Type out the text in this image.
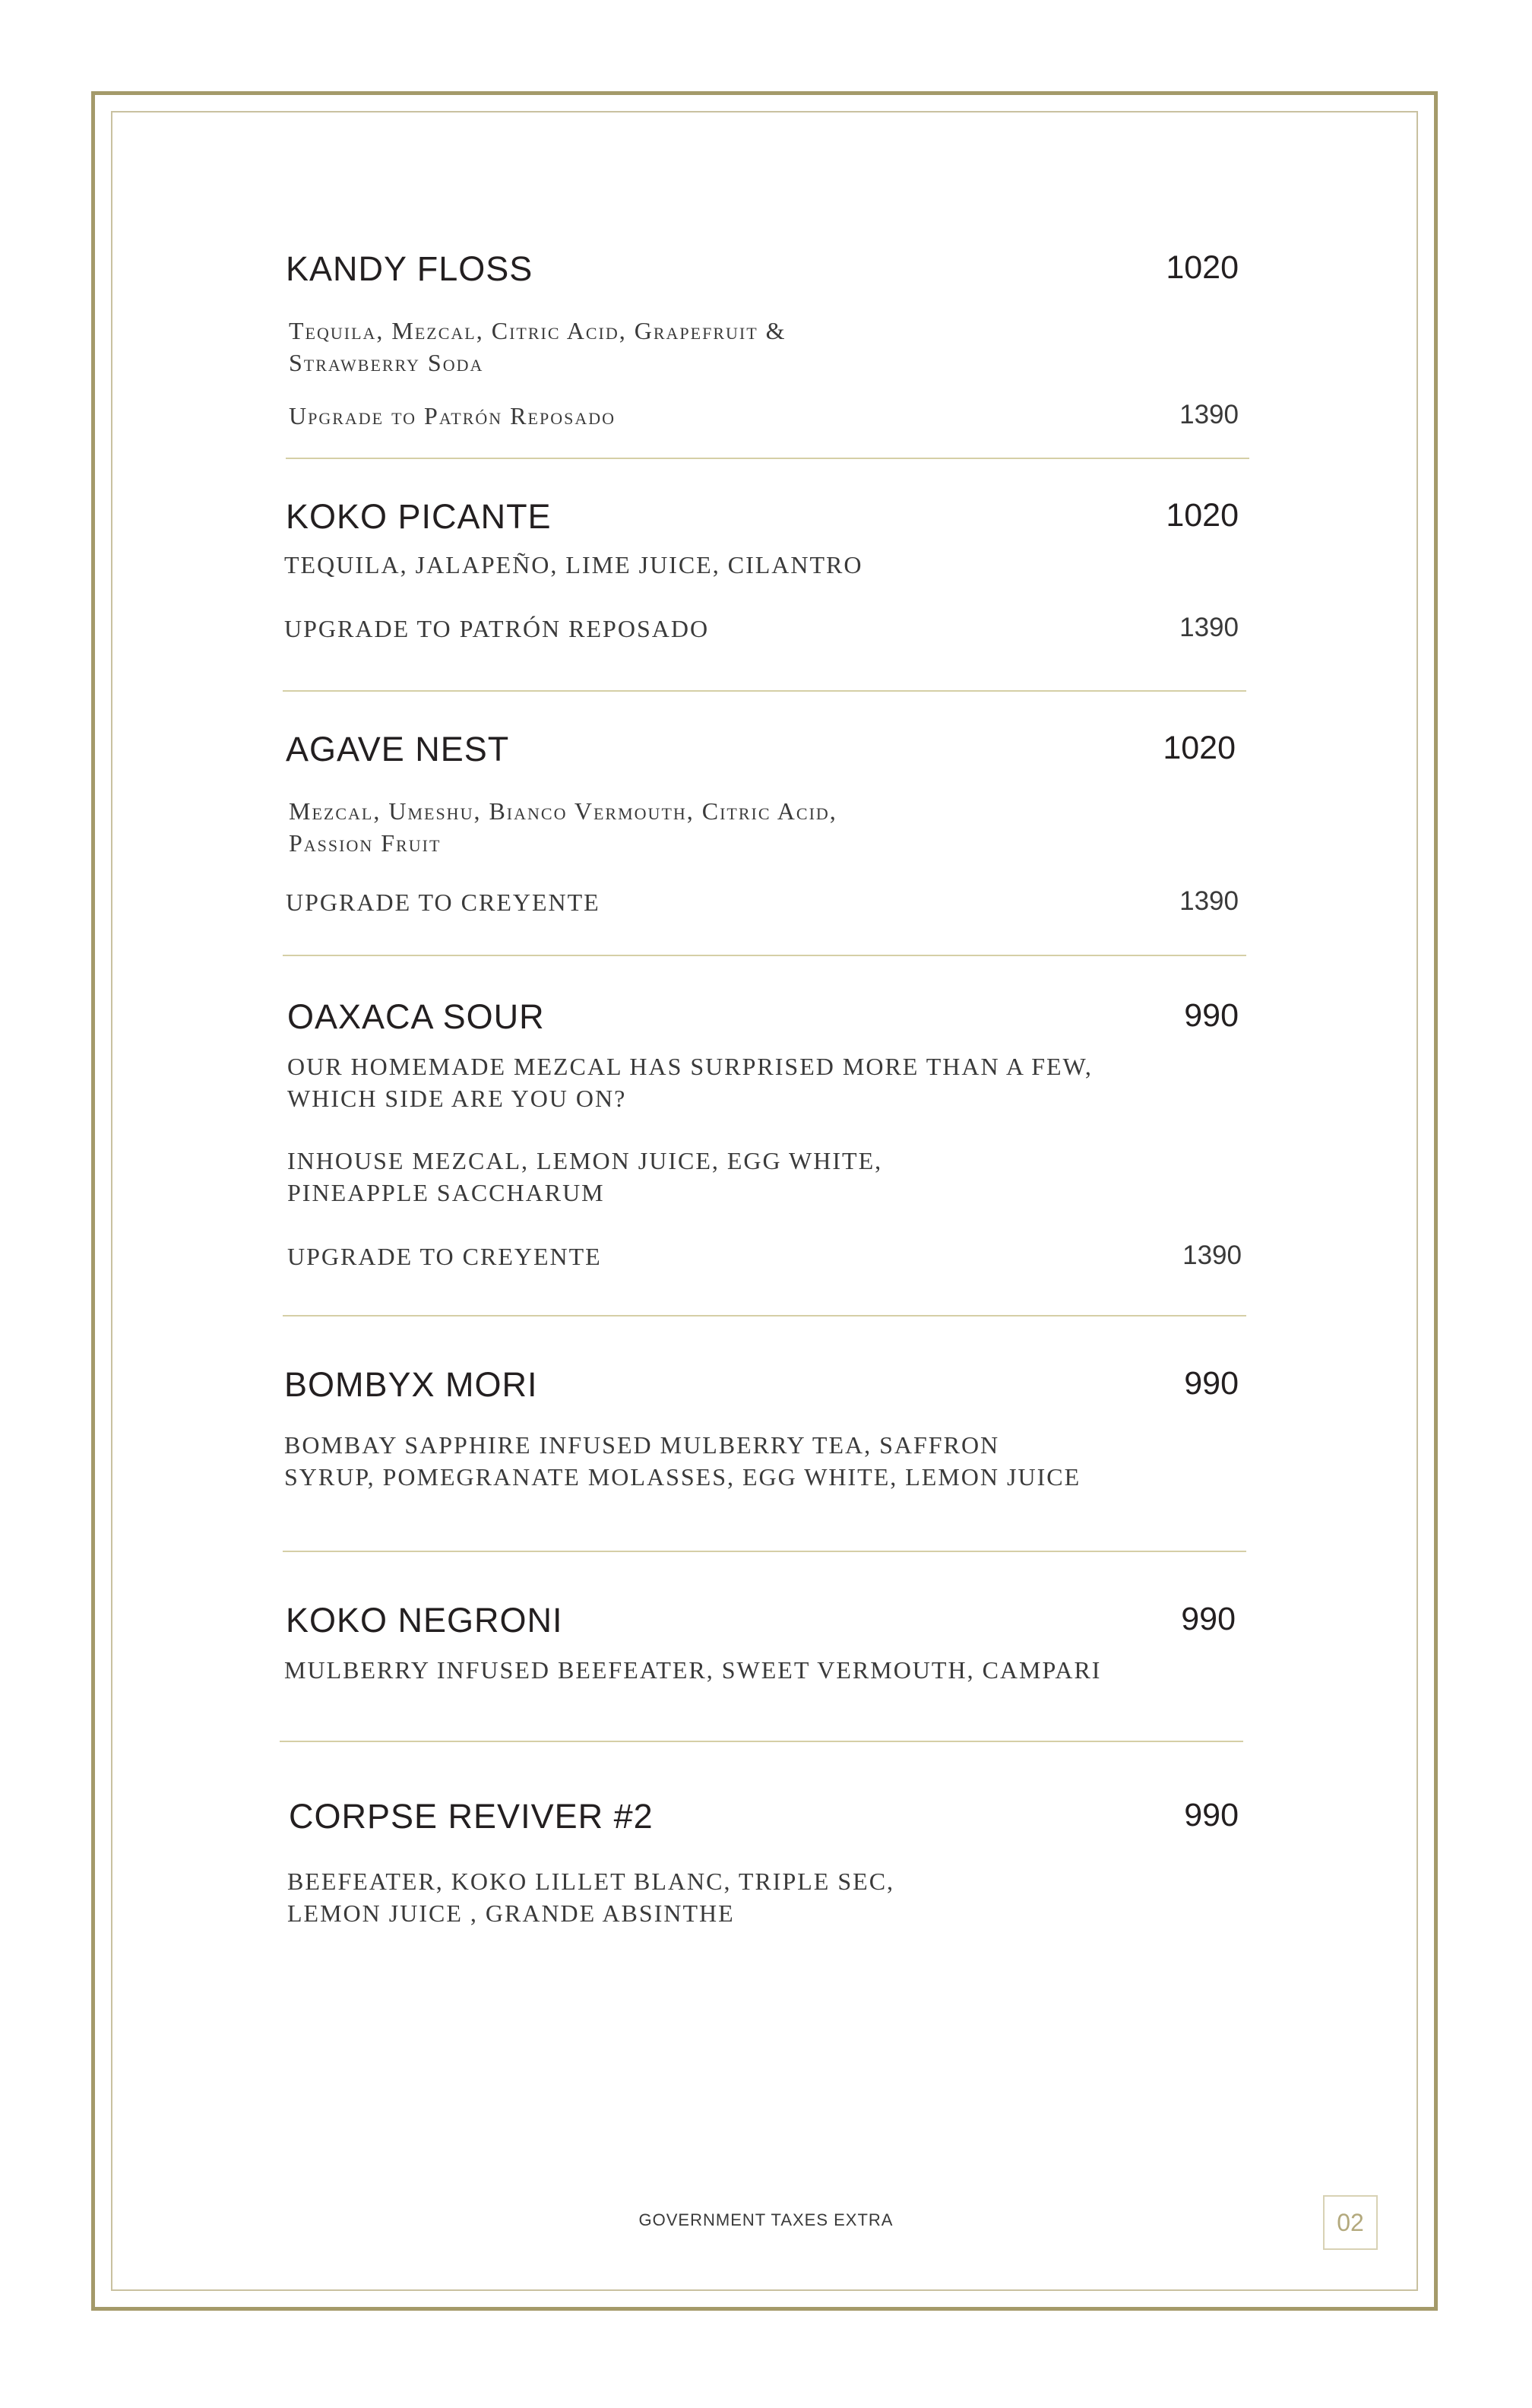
KANDY FLOSS	1020
Tequila, Mezcal, Citric Acid, Grapefruit &
Strawberry Soda
Upgrade to Patrón Reposado	1390
KOKO PICANTE	1020
TEQUILA, JALAPEÑO, LIME JUICE, CILANTRO
UPGRADE TO PATRÓN REPOSADO	1390
AGAVE NEST	1020
Mezcal, Umeshu, Bianco Vermouth, Citric Acid,
Passion Fruit
UPGRADE TO CREYENTE	1390
OAXACA SOUR	990
OUR HOMEMADE MEZCAL HAS SURPRISED MORE THAN A FEW,
WHICH SIDE ARE YOU ON?
INHOUSE MEZCAL, LEMON JUICE, EGG WHITE,
PINEAPPLE SACCHARUM
UPGRADE TO CREYENTE	1390
BOMBYX MORI	990
BOMBAY SAPPHIRE INFUSED MULBERRY TEA, SAFFRON
SYRUP, POMEGRANATE MOLASSES, EGG WHITE, LEMON JUICE
KOKO NEGRONI	990
MULBERRY INFUSED BEEFEATER, SWEET VERMOUTH, CAMPARI
CORPSE REVIVER #2	990
BEEFEATER, KOKO LILLET BLANC, TRIPLE SEC,
LEMON JUICE , GRANDE ABSINTHE
GOVERNMENT TAXES EXTRA	02
